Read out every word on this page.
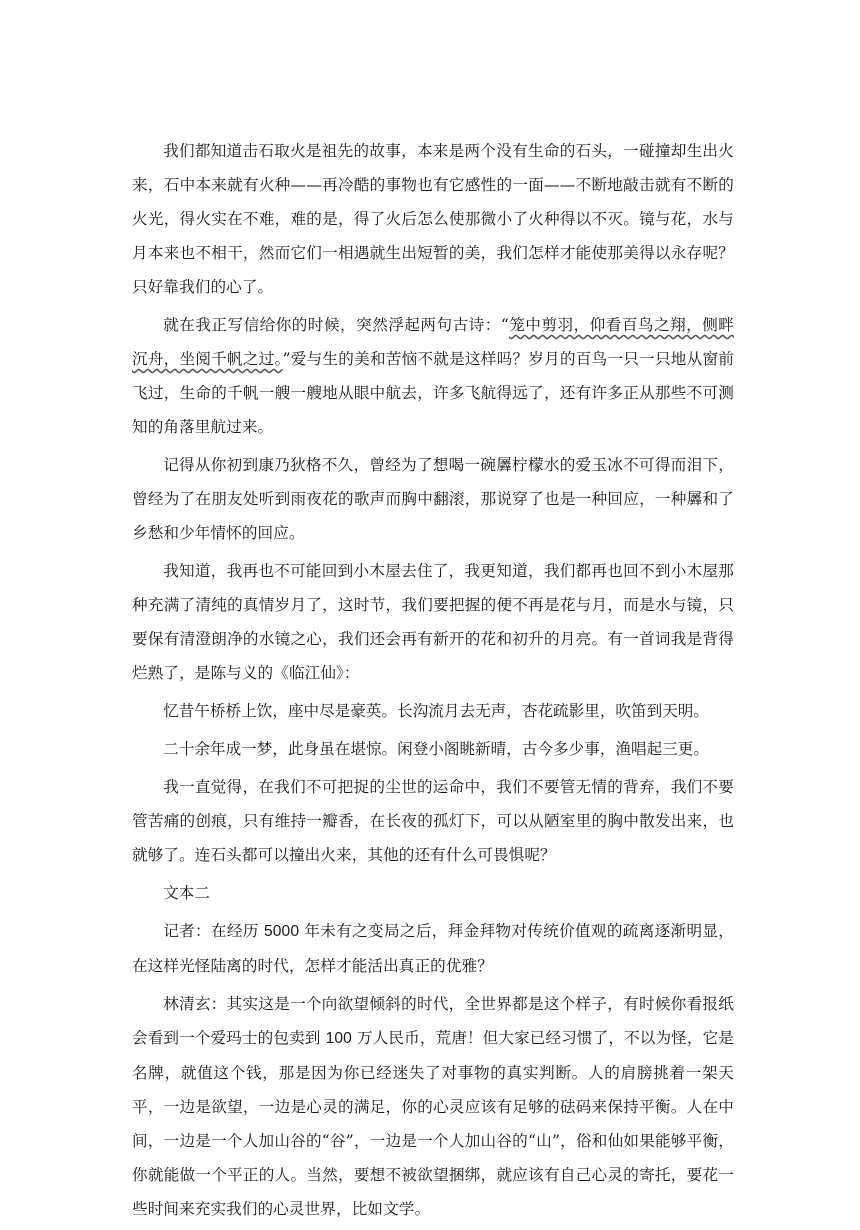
我们都知道击石取火是祖先的故事，本来是两个没有生命的石头，一碰撞却生出火来，石中本来就有火种——再冷酷的事物也有它感性的一面——不断地敲击就有不断的火光，得火实在不难，难的是，得了火后怎么使那微小了火种得以不灭。镜与花，水与月本来也不相干，然而它们一相遇就生出短暂的美，我们怎样才能使那美得以永存呢？只好靠我们的心了。

就在我正写信给你的时候，突然浮起两句古诗：“笼中剪羽，仰看百鸟之翔，侧畔沉舟，坐阅千帆之过。”爱与生的美和苦恼不就是这样吗？岁月的百鸟一只一只地从窗前飞过，生命的千帆一艘一艘地从眼中航去，许多飞航得远了，还有许多正从那些不可测知的角落里航过来。

记得从你初到康乃狄格不久，曾经为了想喝一碗羼柠檬水的爱玉冰不可得而泪下，曾经为了在朋友处听到雨夜花的歌声而胸中翻滚，那说穿了也是一种回应，一种羼和了乡愁和少年情怀的回应。

我知道，我再也不可能回到小木屋去住了，我更知道，我们都再也回不到小木屋那种充满了清纯的真情岁月了，这时节，我们要把握的便不再是花与月，而是水与镜，只要保有清澄朗净的水镜之心，我们还会再有新开的花和初升的月亮。有一首词我是背得烂熟了，是陈与义的《临江仙》：

忆昔午桥桥上饮，座中尽是豪英。长沟流月去无声，杏花疏影里，吹笛到天明。

二十余年成一梦，此身虽在堪惊。闲登小阁眺新晴，古今多少事，渔唱起三更。

我一直觉得，在我们不可把捉的尘世的运命中，我们不要管无情的背弃，我们不要管苦痛的创痕，只有维持一瓣香，在长夜的孤灯下，可以从陋室里的胸中散发出来，也就够了。连石头都可以撞出火来，其他的还有什么可畏惧呢？

文本二

记者：在经历 5000 年未有之变局之后，拜金拜物对传统价值观的疏离逐渐明显，在这样光怪陆离的时代，怎样才能活出真正的优雅？

林清玄：其实这是一个向欲望倾斜的时代，全世界都是这个样子，有时候你看报纸会看到一个爱玛士的包卖到 100 万人民币，荒唐！但大家已经习惯了，不以为怪，它是名牌，就值这个钱，那是因为你已经迷失了对事物的真实判断。人的肩膀挑着一架天平，一边是欲望，一边是心灵的满足，你的心灵应该有足够的砝码来保持平衡。人在中间，一边是一个人加山谷的“谷”，一边是一个人加山谷的“山”，俗和仙如果能够平衡，你就能做一个平正的人。当然，要想不被欲望捆绑，就应该有自己心灵的寄托，要花一些时间来充实我们的心灵世界，比如文学。
